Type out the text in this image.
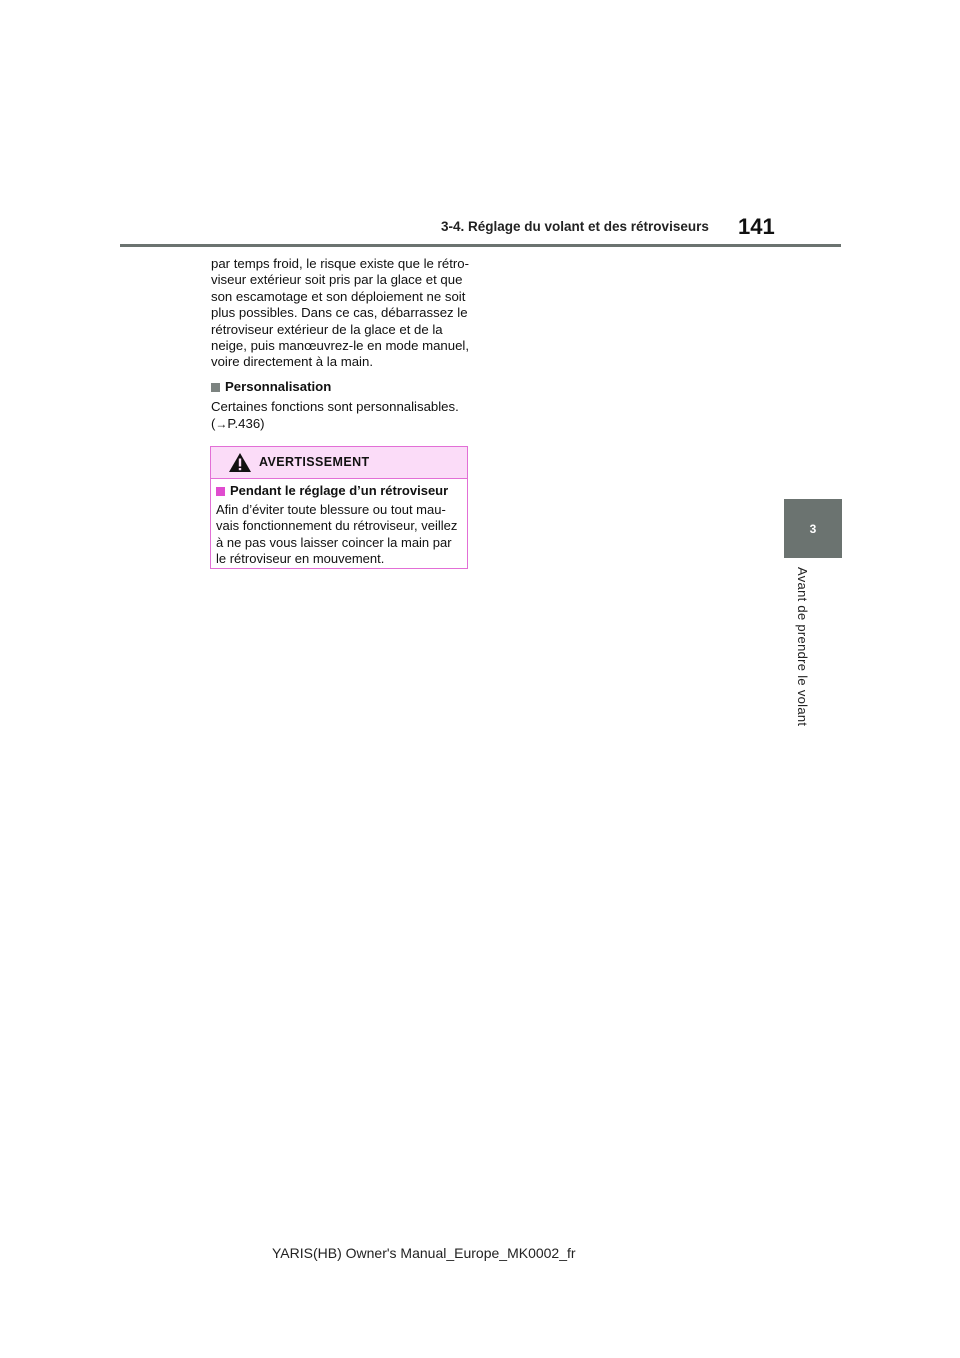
3-4. Réglage du volant et des rétroviseurs 141
3
Avant de prendre le volant

par temps froid, le risque existe que le rétro-
viseur extérieur soit pris par la glace et que
son escamotage et son déploiement ne soit
plus possibles. Dans ce cas, débarrassez le
rétroviseur extérieur de la glace et de la
neige, puis manœuvrez-le en mode manuel,
voire directement à la main.

Personnalisation

Certaines fonctions sont personnalisables.
(→P.436)

AVERTISSEMENT
Pendant le réglage d’un rétroviseur

Afin d’éviter toute blessure ou tout mau-
vais fonctionnement du rétroviseur, veillez
à ne pas vous laisser coincer la main par
le rétroviseur en mouvement.

YARIS(HB) Owner's Manual_Europe_MK0002_fr
